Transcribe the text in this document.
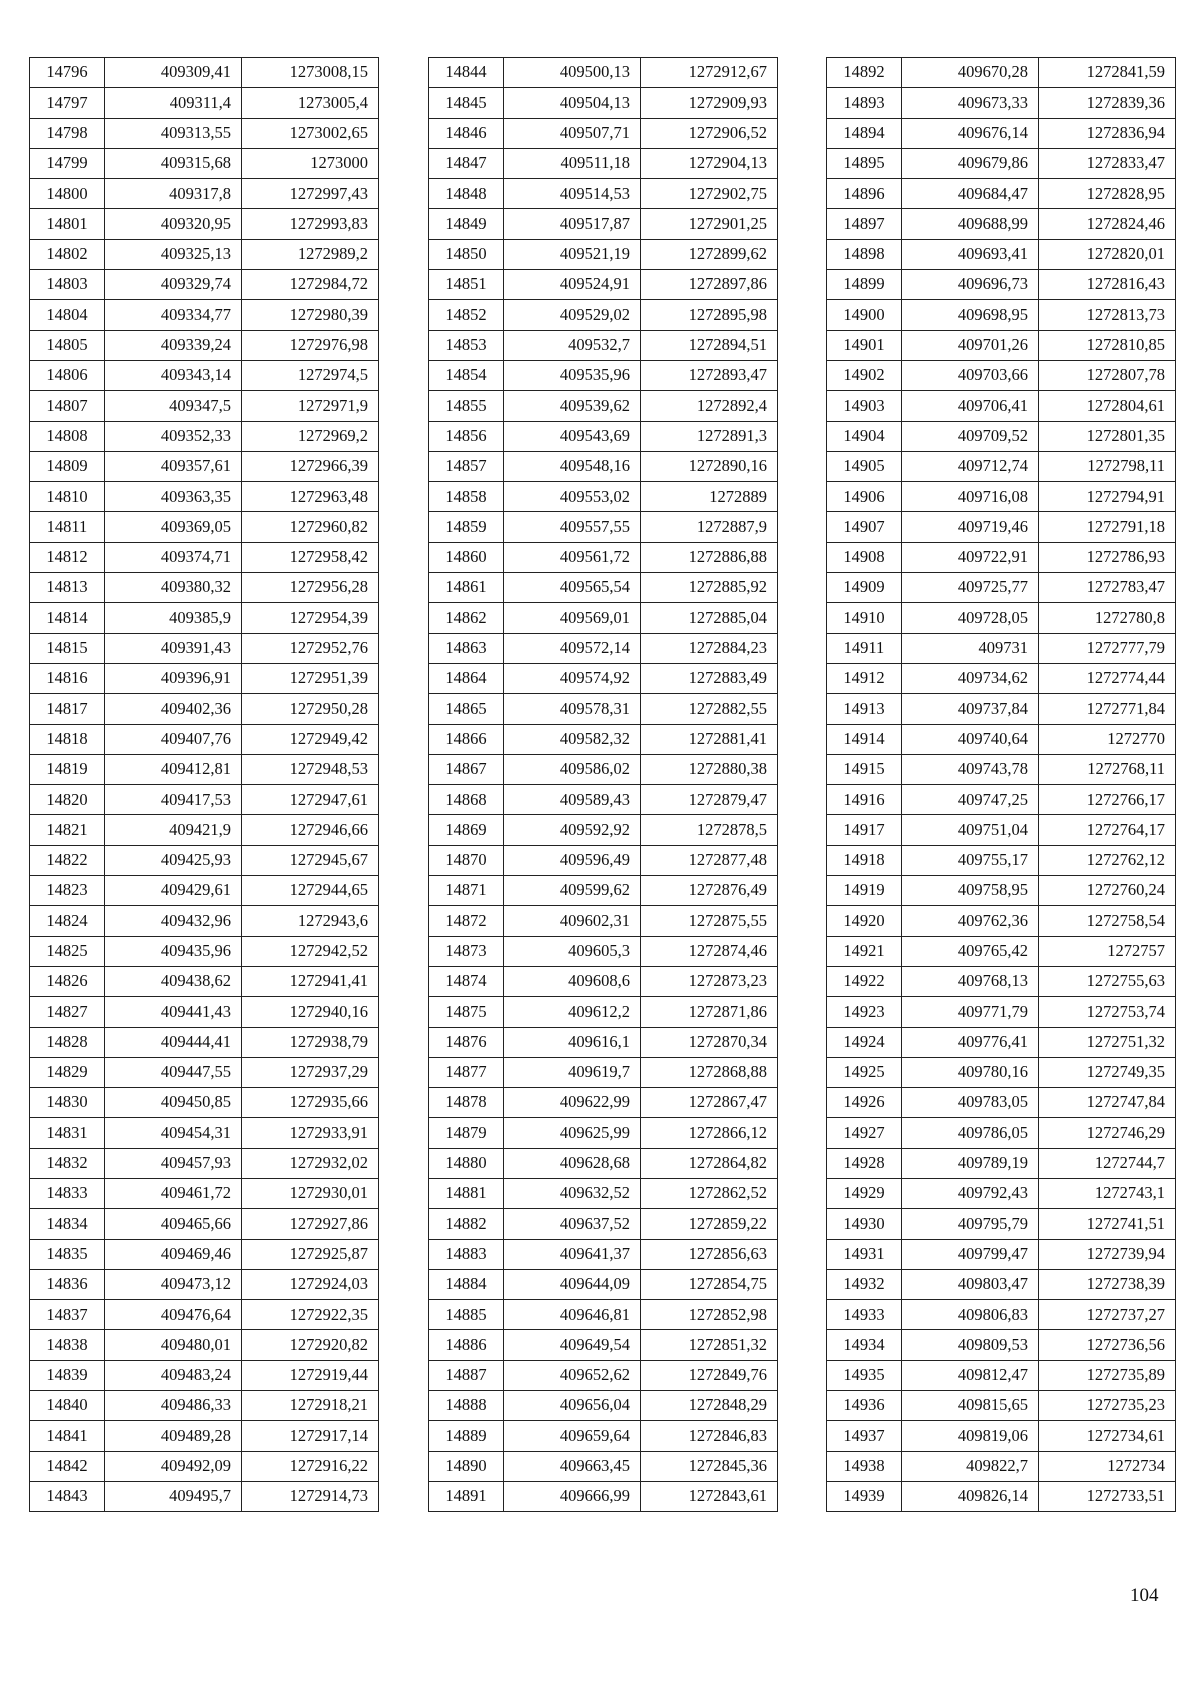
14796	409309,41	1273008,15
14797	409311,4	1273005,4
14798	409313,55	1273002,65
14799	409315,68	1273000
14800	409317,8	1272997,43
14801	409320,95	1272993,83
14802	409325,13	1272989,2
14803	409329,74	1272984,72
14804	409334,77	1272980,39
14805	409339,24	1272976,98
14806	409343,14	1272974,5
14807	409347,5	1272971,9
14808	409352,33	1272969,2
14809	409357,61	1272966,39
14810	409363,35	1272963,48
14811	409369,05	1272960,82
14812	409374,71	1272958,42
14813	409380,32	1272956,28
14814	409385,9	1272954,39
14815	409391,43	1272952,76
14816	409396,91	1272951,39
14817	409402,36	1272950,28
14818	409407,76	1272949,42
14819	409412,81	1272948,53
14820	409417,53	1272947,61
14821	409421,9	1272946,66
14822	409425,93	1272945,67
14823	409429,61	1272944,65
14824	409432,96	1272943,6
14825	409435,96	1272942,52
14826	409438,62	1272941,41
14827	409441,43	1272940,16
14828	409444,41	1272938,79
14829	409447,55	1272937,29
14830	409450,85	1272935,66
14831	409454,31	1272933,91
14832	409457,93	1272932,02
14833	409461,72	1272930,01
14834	409465,66	1272927,86
14835	409469,46	1272925,87
14836	409473,12	1272924,03
14837	409476,64	1272922,35
14838	409480,01	1272920,82
14839	409483,24	1272919,44
14840	409486,33	1272918,21
14841	409489,28	1272917,14
14842	409492,09	1272916,22
14843	409495,7	1272914,73
14844	409500,13	1272912,67
14845	409504,13	1272909,93
14846	409507,71	1272906,52
14847	409511,18	1272904,13
14848	409514,53	1272902,75
14849	409517,87	1272901,25
14850	409521,19	1272899,62
14851	409524,91	1272897,86
14852	409529,02	1272895,98
14853	409532,7	1272894,51
14854	409535,96	1272893,47
14855	409539,62	1272892,4
14856	409543,69	1272891,3
14857	409548,16	1272890,16
14858	409553,02	1272889
14859	409557,55	1272887,9
14860	409561,72	1272886,88
14861	409565,54	1272885,92
14862	409569,01	1272885,04
14863	409572,14	1272884,23
14864	409574,92	1272883,49
14865	409578,31	1272882,55
14866	409582,32	1272881,41
14867	409586,02	1272880,38
14868	409589,43	1272879,47
14869	409592,92	1272878,5
14870	409596,49	1272877,48
14871	409599,62	1272876,49
14872	409602,31	1272875,55
14873	409605,3	1272874,46
14874	409608,6	1272873,23
14875	409612,2	1272871,86
14876	409616,1	1272870,34
14877	409619,7	1272868,88
14878	409622,99	1272867,47
14879	409625,99	1272866,12
14880	409628,68	1272864,82
14881	409632,52	1272862,52
14882	409637,52	1272859,22
14883	409641,37	1272856,63
14884	409644,09	1272854,75
14885	409646,81	1272852,98
14886	409649,54	1272851,32
14887	409652,62	1272849,76
14888	409656,04	1272848,29
14889	409659,64	1272846,83
14890	409663,45	1272845,36
14891	409666,99	1272843,61
14892	409670,28	1272841,59
14893	409673,33	1272839,36
14894	409676,14	1272836,94
14895	409679,86	1272833,47
14896	409684,47	1272828,95
14897	409688,99	1272824,46
14898	409693,41	1272820,01
14899	409696,73	1272816,43
14900	409698,95	1272813,73
14901	409701,26	1272810,85
14902	409703,66	1272807,78
14903	409706,41	1272804,61
14904	409709,52	1272801,35
14905	409712,74	1272798,11
14906	409716,08	1272794,91
14907	409719,46	1272791,18
14908	409722,91	1272786,93
14909	409725,77	1272783,47
14910	409728,05	1272780,8
14911	409731	1272777,79
14912	409734,62	1272774,44
14913	409737,84	1272771,84
14914	409740,64	1272770
14915	409743,78	1272768,11
14916	409747,25	1272766,17
14917	409751,04	1272764,17
14918	409755,17	1272762,12
14919	409758,95	1272760,24
14920	409762,36	1272758,54
14921	409765,42	1272757
14922	409768,13	1272755,63
14923	409771,79	1272753,74
14924	409776,41	1272751,32
14925	409780,16	1272749,35
14926	409783,05	1272747,84
14927	409786,05	1272746,29
14928	409789,19	1272744,7
14929	409792,43	1272743,1
14930	409795,79	1272741,51
14931	409799,47	1272739,94
14932	409803,47	1272738,39
14933	409806,83	1272737,27
14934	409809,53	1272736,56
14935	409812,47	1272735,89
14936	409815,65	1272735,23
14937	409819,06	1272734,61
14938	409822,7	1272734
14939	409826,14	1272733,51
104
